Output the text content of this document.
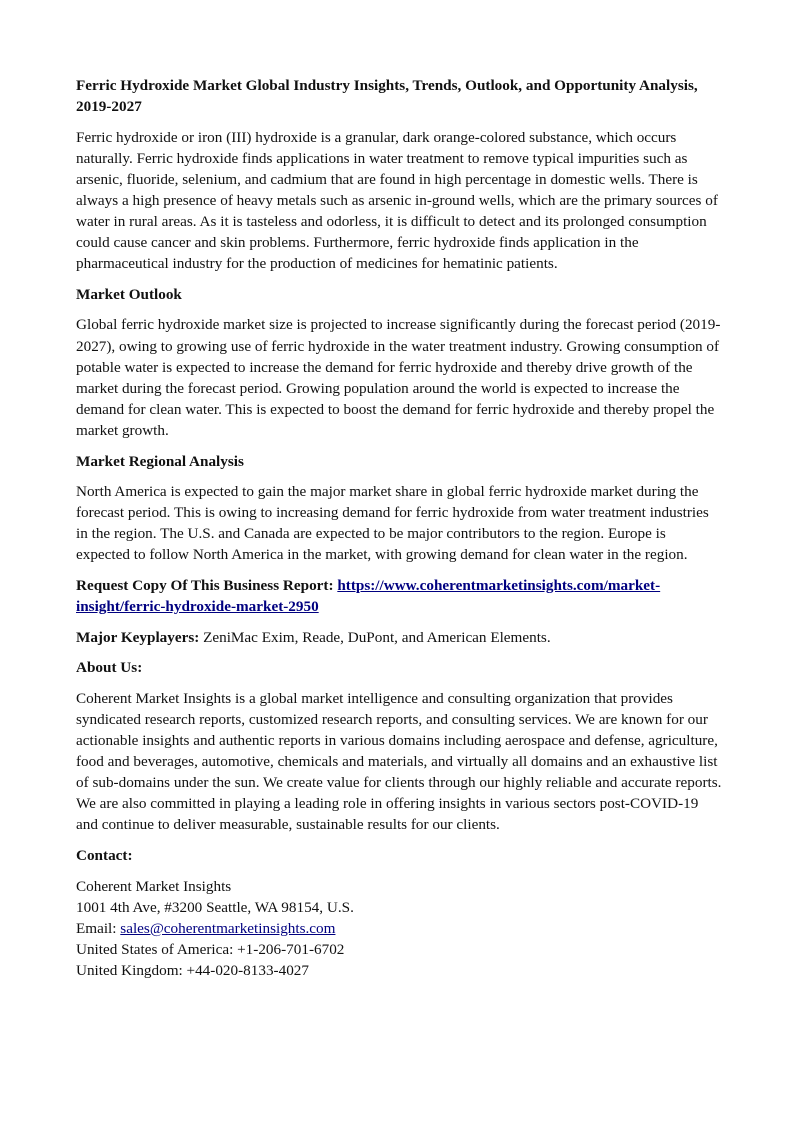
Ferric Hydroxide Market Global Industry Insights, Trends, Outlook, and Opportunity Analysis, 2019-2027
Ferric hydroxide or iron (III) hydroxide is a granular, dark orange-colored substance, which occurs naturally. Ferric hydroxide finds applications in water treatment to remove typical impurities such as arsenic, fluoride, selenium, and cadmium that are found in high percentage in domestic wells. There is always a high presence of heavy metals such as arsenic in-ground wells, which are the primary sources of water in rural areas. As it is tasteless and odorless, it is difficult to detect and its prolonged consumption could cause cancer and skin problems. Furthermore, ferric hydroxide finds application in the pharmaceutical industry for the production of medicines for hematinic patients.
Market Outlook
Global ferric hydroxide market size is projected to increase significantly during the forecast period (2019-2027), owing to growing use of ferric hydroxide in the water treatment industry. Growing consumption of potable water is expected to increase the demand for ferric hydroxide and thereby drive growth of the market during the forecast period. Growing population around the world is expected to increase the demand for clean water. This is expected to boost the demand for ferric hydroxide and thereby propel the market growth.
Market Regional Analysis
North America is expected to gain the major market share in global ferric hydroxide market during the forecast period. This is owing to increasing demand for ferric hydroxide from water treatment industries in the region. The U.S. and Canada are expected to be major contributors to the region. Europe is expected to follow North America in the market, with growing demand for clean water in the region.
Request Copy Of This Business Report: https://www.coherentmarketinsights.com/market-insight/ferric-hydroxide-market-2950
Major Keyplayers: ZeniMac Exim, Reade, DuPont, and American Elements.
About Us:
Coherent Market Insights is a global market intelligence and consulting organization that provides syndicated research reports, customized research reports, and consulting services. We are known for our actionable insights and authentic reports in various domains including aerospace and defense, agriculture, food and beverages, automotive, chemicals and materials, and virtually all domains and an exhaustive list of sub-domains under the sun. We create value for clients through our highly reliable and accurate reports. We are also committed in playing a leading role in offering insights in various sectors post-COVID-19 and continue to deliver measurable, sustainable results for our clients.
Contact:
Coherent Market Insights
1001 4th Ave, #3200 Seattle, WA 98154, U.S.
Email: sales@coherentmarketinsights.com
United States of America: +1-206-701-6702
United Kingdom: +44-020-8133-4027
